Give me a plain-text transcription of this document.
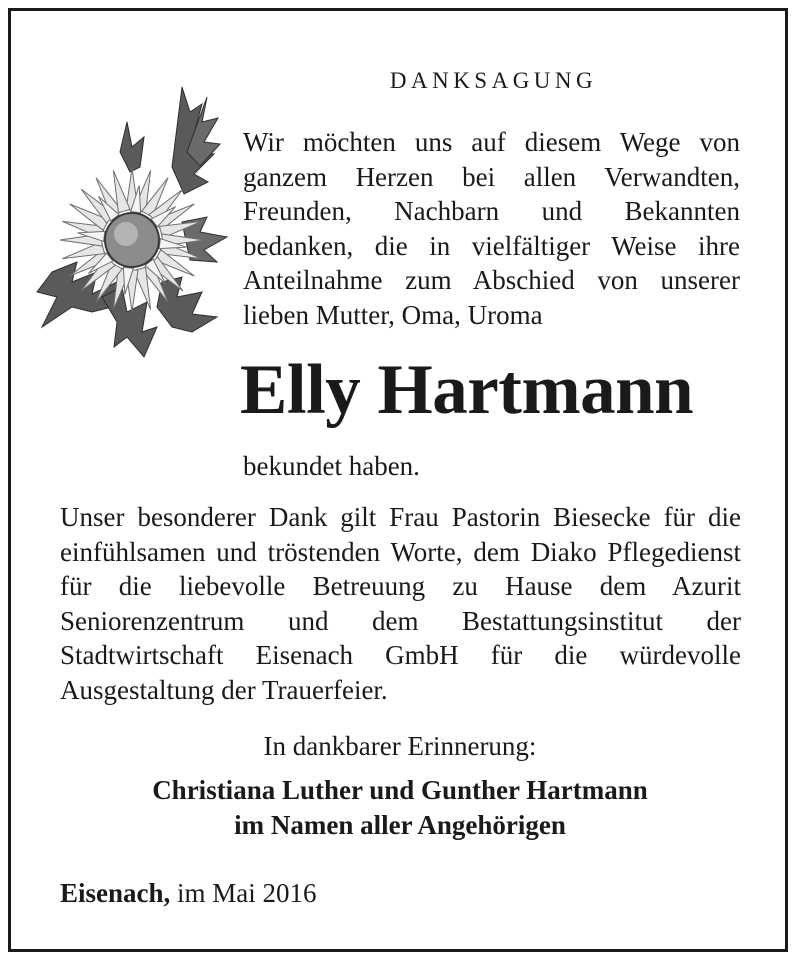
DANKSAGUNG
Wir möchten uns auf diesem Wege von ganzem Herzen bei allen Verwandten, Freunden, Nachbarn und Bekannten bedanken, die in vielfältiger Weise ihre Anteilnahme zum Abschied von unserer lieben Mutter, Oma, Uroma
Elly Hartmann
bekundet haben.
Unser besonderer Dank gilt Frau Pastorin Biesecke für die einfühlsamen und tröstenden Worte, dem Diako Pflegedienst für die liebevolle Betreuung zu Hause dem Azurit Seniorenzentrum und dem Bestattungsinstitut der Stadtwirtschaft Eisenach GmbH für die würdevolle Ausgestaltung der Trauerfeier.
In dankbarer Erinnerung:
Christiana Luther und Gunther Hartmann
im Namen aller Angehörigen
Eisenach, im Mai 2016
